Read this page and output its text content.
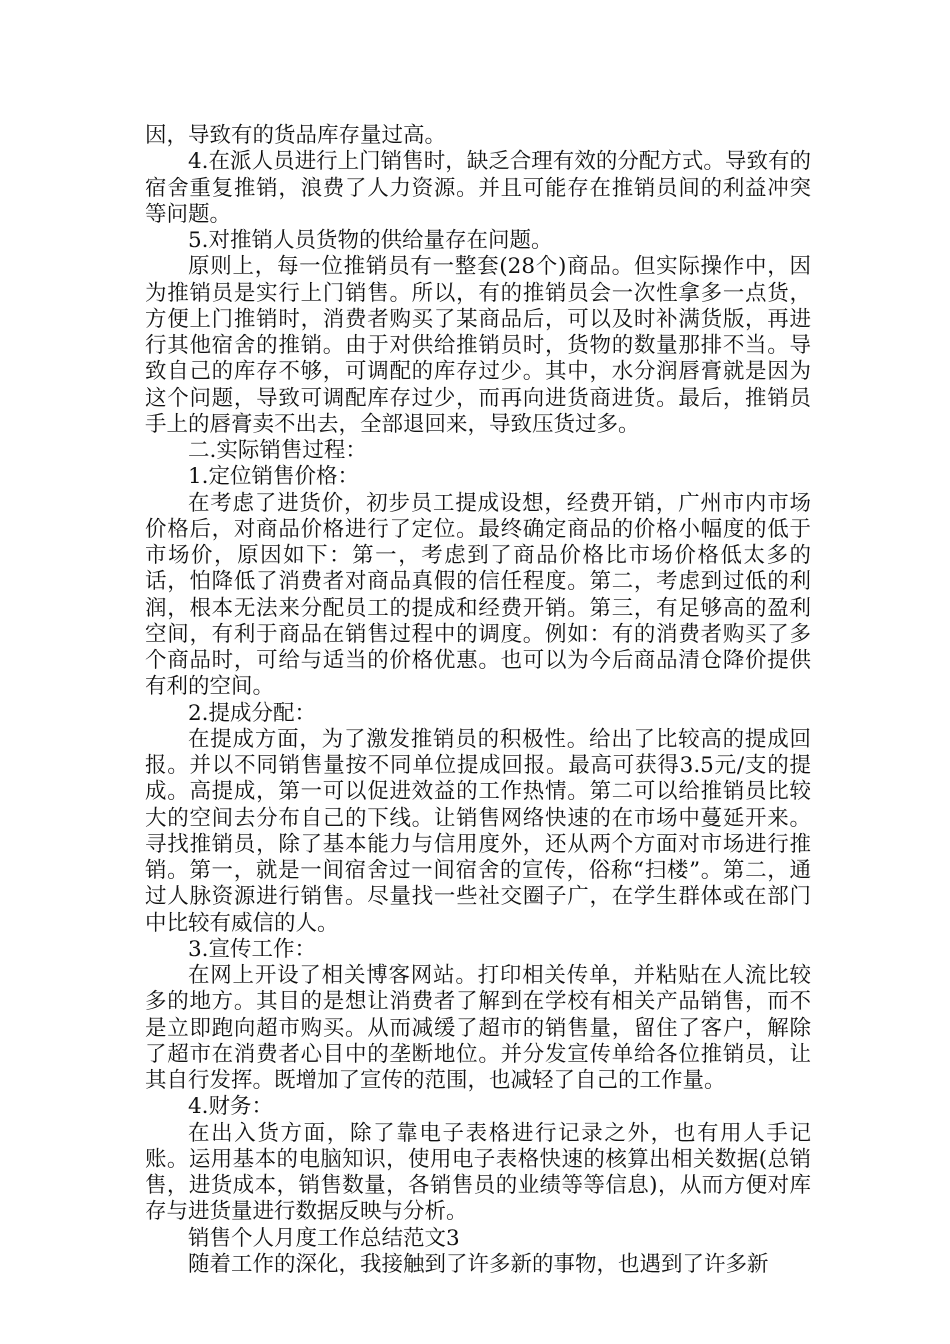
因，导致有的货品库存量过高。

4.在派人员进行上门销售时，缺乏合理有效的分配方式。导致有的宿舍重复推销，浪费了人力资源。并且可能存在推销员间的利益冲突等问题。

5.对推销人员货物的供给量存在问题。

原则上，每一位推销员有一整套(28个)商品。但实际操作中，因为推销员是实行上门销售。所以，有的推销员会一次性拿多一点货，方便上门推销时，消费者购买了某商品后，可以及时补满货版，再进行其他宿舍的推销。由于对供给推销员时，货物的数量那排不当。导致自己的库存不够，可调配的库存过少。其中，水分润唇膏就是因为这个问题，导致可调配库存过少，而再向进货商进货。最后，推销员手上的唇膏卖不出去，全部退回来，导致压货过多。

二.实际销售过程：

1.定位销售价格：

在考虑了进货价，初步员工提成设想，经费开销，广州市内市场价格后，对商品价格进行了定位。最终确定商品的价格小幅度的低于市场价，原因如下：第一，考虑到了商品价格比市场价格低太多的话，怕降低了消费者对商品真假的信任程度。第二，考虑到过低的利润，根本无法来分配员工的提成和经费开销。第三，有足够高的盈利空间，有利于商品在销售过程中的调度。例如：有的消费者购买了多个商品时，可给与适当的价格优惠。也可以为今后商品清仓降价提供有利的空间。

2.提成分配：

在提成方面，为了激发推销员的积极性。给出了比较高的提成回报。并以不同销售量按不同单位提成回报。最高可获得3.5元/支的提成。高提成，第一可以促进效益的工作热情。第二可以给推销员比较大的空间去分布自己的下线。让销售网络快速的在市场中蔓延开来。寻找推销员，除了基本能力与信用度外，还从两个方面对市场进行推销。第一，就是一间宿舍过一间宿舍的宣传，俗称“扫楼”。第二，通过人脉资源进行销售。尽量找一些社交圈子广，在学生群体或在部门中比较有威信的人。

3.宣传工作：

在网上开设了相关博客网站。打印相关传单，并粘贴在人流比较多的地方。其目的是想让消费者了解到在学校有相关产品销售，而不是立即跑向超市购买。从而减缓了超市的销售量，留住了客户，解除了超市在消费者心目中的垄断地位。并分发宣传单给各位推销员，让其自行发挥。既增加了宣传的范围，也减轻了自己的工作量。

4.财务：

在出入货方面，除了靠电子表格进行记录之外，也有用人手记账。运用基本的电脑知识，使用电子表格快速的核算出相关数据(总销售，进货成本，销售数量，各销售员的业绩等等信息)，从而方便对库存与进货量进行数据反映与分析。

销售个人月度工作总结范文3

随着工作的深化，我接触到了许多新的事物，也遇到了许多新
